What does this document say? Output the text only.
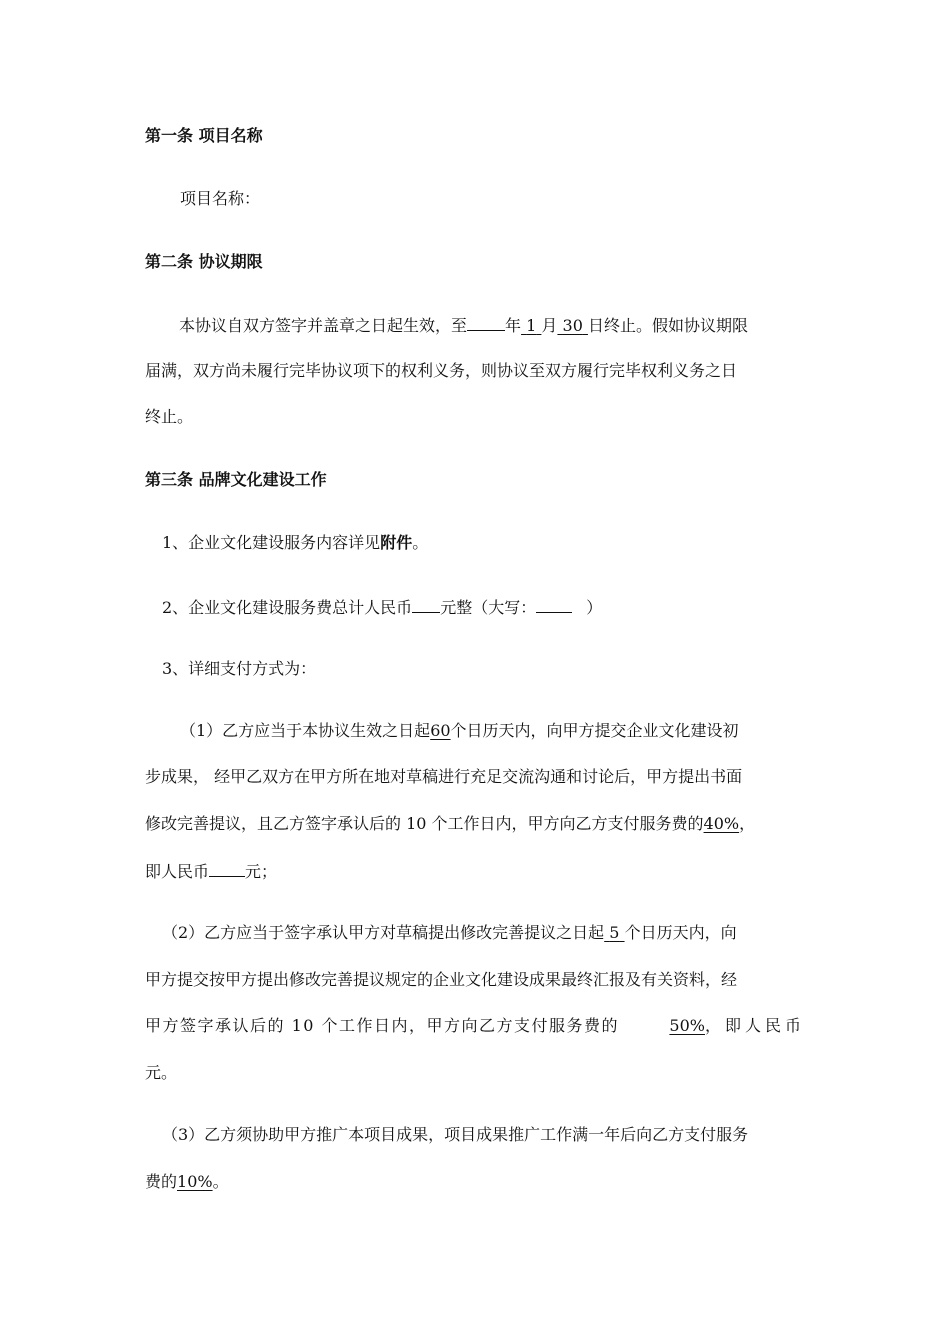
第一条 项目名称
项目名称：
第二条 协议期限
本协议自双方签字并盖章之日起生效，至 年 1 月 30 日终止。假如协议期限
届满，双方尚未履行完毕协议项下的权利义务，则协议至双方履行完毕权利义务之日
终止。
第三条 品牌文化建设工作
1、企业文化建设服务内容详见附件。
2、企业文化建设服务费总计人民币 元整（大写：	）
3、详细支付方式为：
（1）乙方应当于本协议生效之日起60个日历天内，向甲方提交企业文化建设初
步成果， 经甲乙双方在甲方所在地对草稿进行充足交流沟通和讨论后，甲方提出书面
修改完善提议，且乙方签字承认后的 10 个工作日内，甲方向乙方支付服务费的40%，
即人民币 元；
（2）乙方应当于签字承认甲方对草稿提出修改完善提议之日起 5 个日历天内，向
甲方提交按甲方提出修改完善提议规定的企业文化建设成果最终汇报及有关资料，经
甲方签字承认后的 10 个工作日内，甲方向乙方支付服务费的	50%，即人民币
元。
（3）乙方须协助甲方推广本项目成果，项目成果推广工作满一年后向乙方支付服务
费的10%。
